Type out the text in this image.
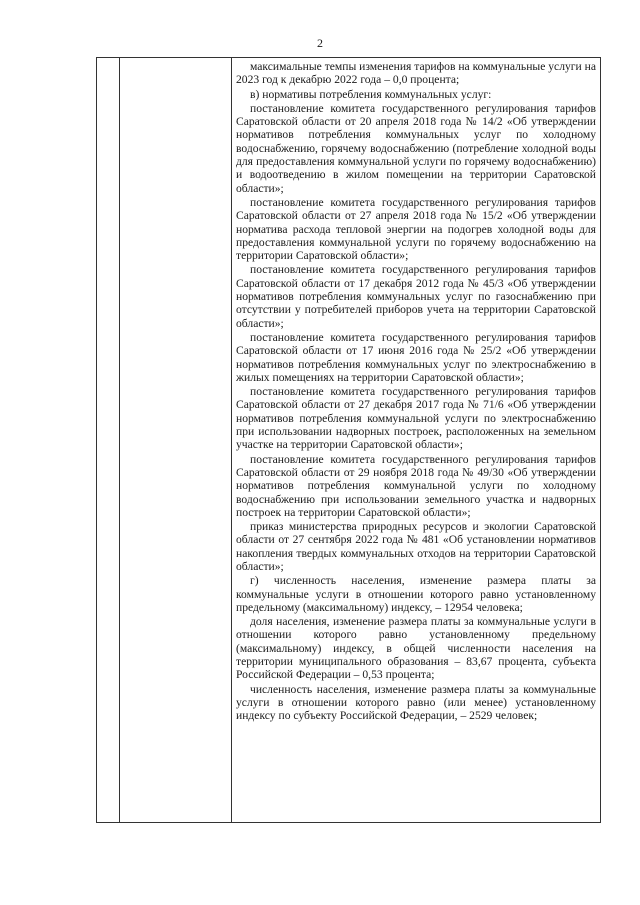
2

максимальные темпы изменения тарифов на коммунальные услуги на 2023 год к декабрю 2022 года – 0,0 процента;

в) нормативы потребления коммунальных услуг:

постановление комитета государственного регулирования тарифов Саратовской области от 20 апреля 2018 года № 14/2 «Об утверждении нормативов потребления коммунальных услуг по холодному водоснабжению, горячему водоснабжению (потребление холодной воды для предоставления коммунальной услуги по горячему водоснабжению) и водоотведению в жилом помещении на территории Саратовской области»;

постановление комитета государственного регулирования тарифов Саратовской области от 27 апреля 2018 года № 15/2 «Об утверждении норматива расхода тепловой энергии на подогрев холодной воды для предоставления коммунальной услуги по горячему водоснабжению на территории Саратовской области»;

постановление комитета государственного регулирования тарифов Саратовской области от 17 декабря 2012 года № 45/3 «Об утверждении нормативов потребления коммунальных услуг по газоснабжению при отсутствии у потребителей приборов учета на территории Саратовской области»;

постановление комитета государственного регулирования тарифов Саратовской области от 17 июня 2016 года № 25/2 «Об утверждении нормативов потребления коммунальных услуг по электроснабжению в жилых помещениях на территории Саратовской области»;

постановление комитета государственного регулирования тарифов Саратовской области от 27 декабря 2017 года № 71/6 «Об утверждении нормативов потребления коммунальной услуги по электроснабжению при использовании надворных построек, расположенных на земельном участке на территории Саратовской области»;

постановление комитета государственного регулирования тарифов Саратовской области от 29 ноября 2018 года № 49/30 «Об утверждении нормативов потребления коммунальной услуги по холодному водоснабжению при использовании земельного участка и надворных построек на территории Саратовской области»;

приказ министерства природных ресурсов и экологии Саратовской области от 27 сентября 2022 года № 481 «Об установлении нормативов накопления твердых коммунальных отходов на территории Саратовской области»;

г) численность населения, изменение размера платы за коммунальные услуги в отношении которого равно установленному предельному (максимальному) индексу, – 12954 человека;

доля населения, изменение размера платы за коммунальные услуги в отношении которого равно установленному предельному (максимальному) индексу, в общей численности населения на территории муниципального образования – 83,67 процента, субъекта Российской Федерации – 0,53 процента;

численность населения, изменение размера платы за коммунальные услуги в отношении которого равно (или менее) установленному индексу по субъекту Российской Федерации, – 2529 человек;
